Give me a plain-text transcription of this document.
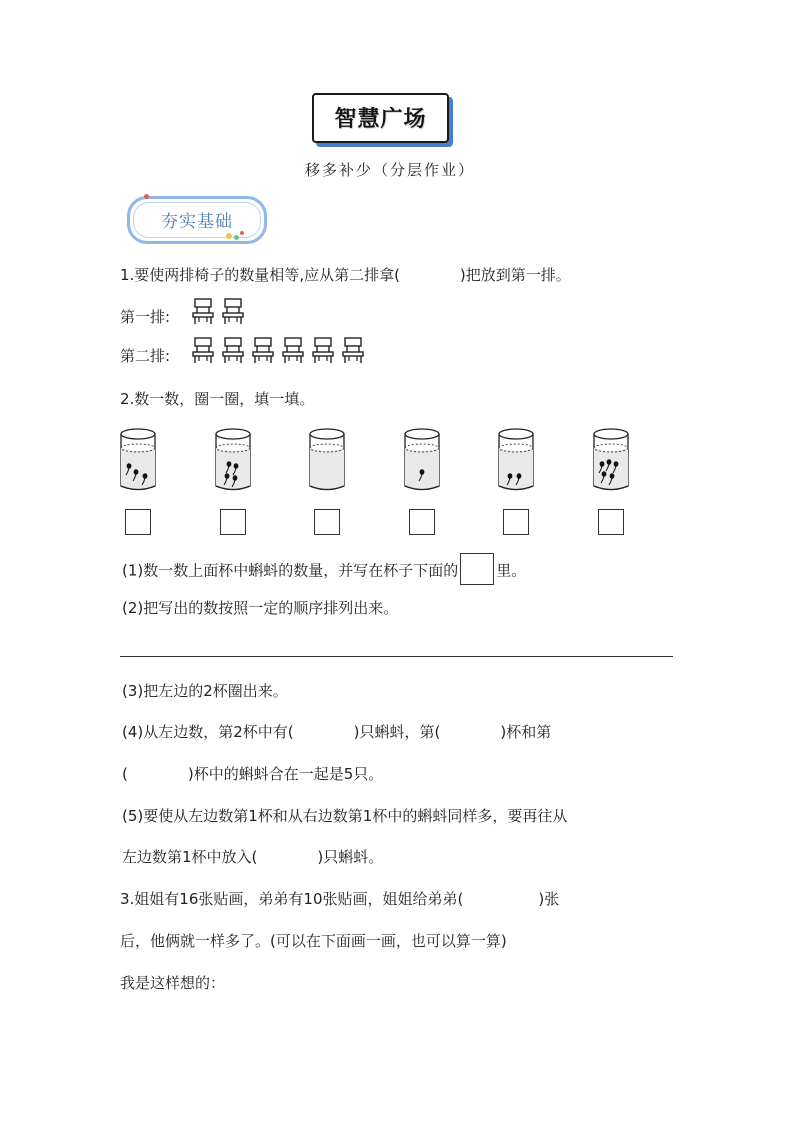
智慧广场
移多补少（分层作业）
夯实基础
1.要使两排椅子的数量相等,应从第二排拿(　　　　)把放到第一排。
第一排:
第二排:
2.数一数，圈一圈，填一填。
(1)数一数上面杯中蝌蚪的数量，并写在杯子下面的	里。
(2)把写出的数按照一定的顺序排列出来。
(3)把左边的2杯圈出来。
(4)从左边数，第2杯中有(　　　　)只蝌蚪，第(　　　　)杯和第
(　　　　)杯中的蝌蚪合在一起是5只。
(5)要使从左边数第1杯和从右边数第1杯中的蝌蚪同样多，要再往从
左边数第1杯中放入(　　　　)只蝌蚪。
3.姐姐有16张贴画，弟弟有10张贴画，姐姐给弟弟(　　　　　)张
后，他俩就一样多了。(可以在下面画一画，也可以算一算)
我是这样想的：
